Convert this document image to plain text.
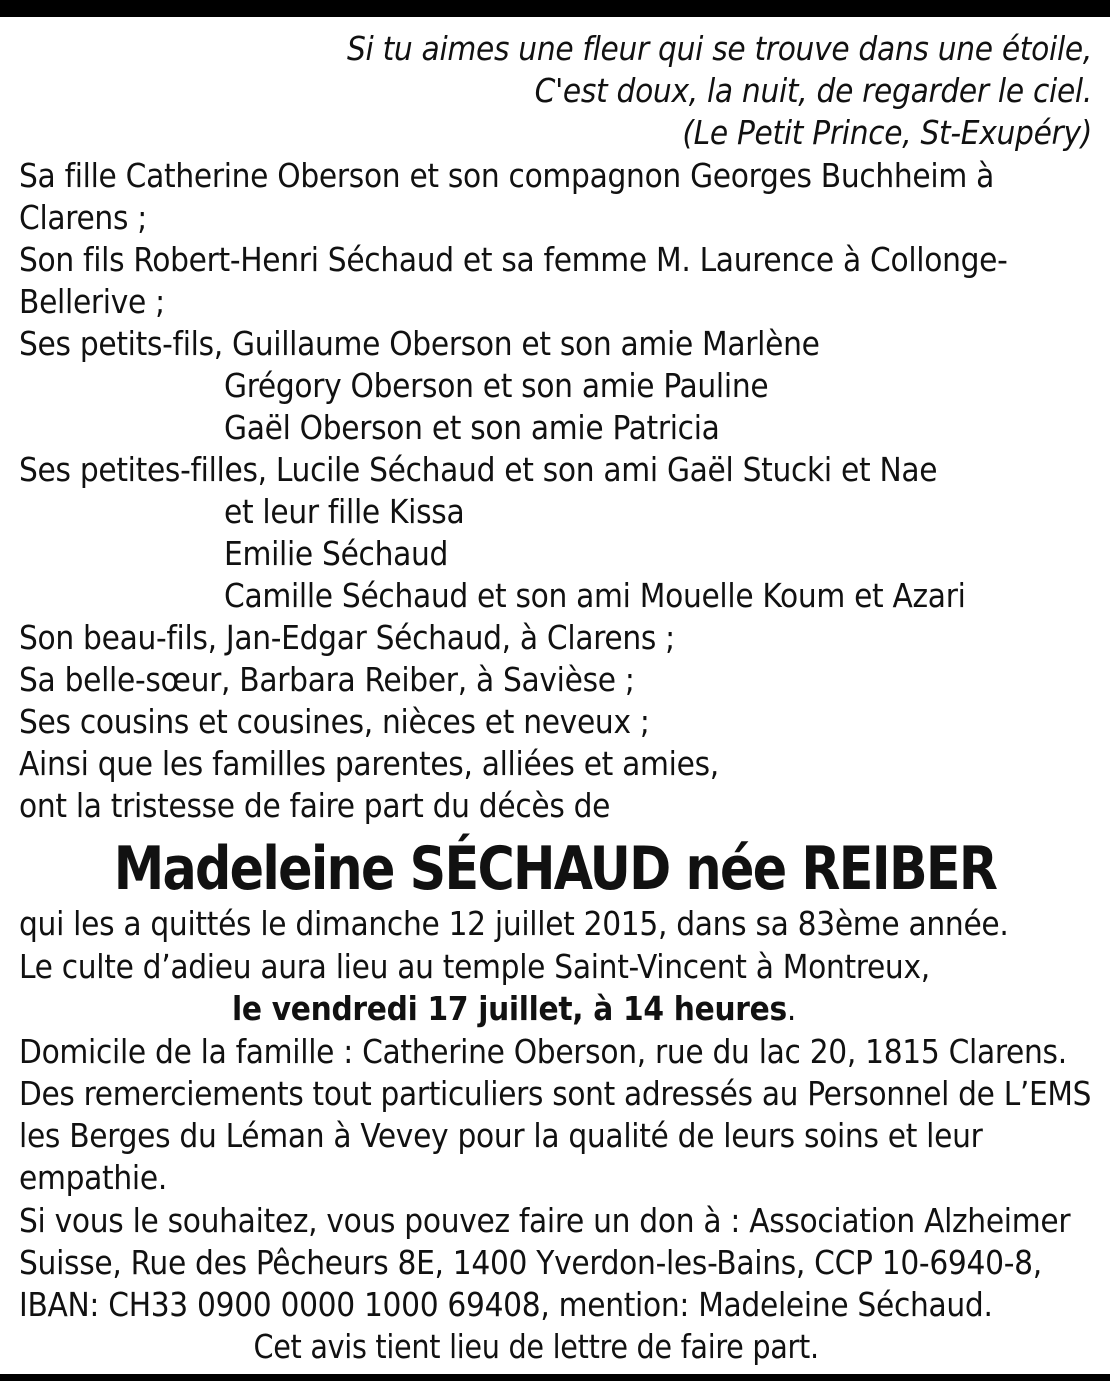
Si tu aimes une fleur qui se trouve dans une étoile,
C'est doux, la nuit, de regarder le ciel.
(Le Petit Prince, St-Exupéry)
Sa fille Catherine Oberson et son compagnon Georges Buchheim à
Clarens ;
Son fils Robert-Henri Séchaud et sa femme M. Laurence à Collonge-
Bellerive ;
Ses petits-fils, Guillaume Oberson et son amie Marlène
Grégory Oberson et son amie Pauline
Gaël Oberson et son amie Patricia
Ses petites-filles, Lucile Séchaud et son ami Gaël Stucki et Nae
et leur fille Kissa
Emilie Séchaud
Camille Séchaud et son ami Mouelle Koum et Azari
Son beau-fils, Jan-Edgar Séchaud, à Clarens ;
Sa belle-sœur, Barbara Reiber, à Savièse ;
Ses cousins et cousines, nièces et neveux ;
Ainsi que les familles parentes, alliées et amies,
ont la tristesse de faire part du décès de
Madeleine SÉCHAUD née REIBER
qui les a quittés le dimanche 12 juillet 2015, dans sa 83ème année.
Le culte d’adieu aura lieu au temple Saint-Vincent à Montreux,
le vendredi 17 juillet, à 14 heures.
Domicile de la famille : Catherine Oberson, rue du lac 20, 1815 Clarens.
Des remerciements tout particuliers sont adressés au Personnel de L’EMS
les Berges du Léman à Vevey pour la qualité de leurs soins et leur
empathie.
Si vous le souhaitez, vous pouvez faire un don à : Association Alzheimer
Suisse, Rue des Pêcheurs 8E, 1400 Yverdon-les-Bains, CCP 10-6940-8,
IBAN: CH33 0900 0000 1000 69408, mention: Madeleine Séchaud.
Cet avis tient lieu de lettre de faire part.
